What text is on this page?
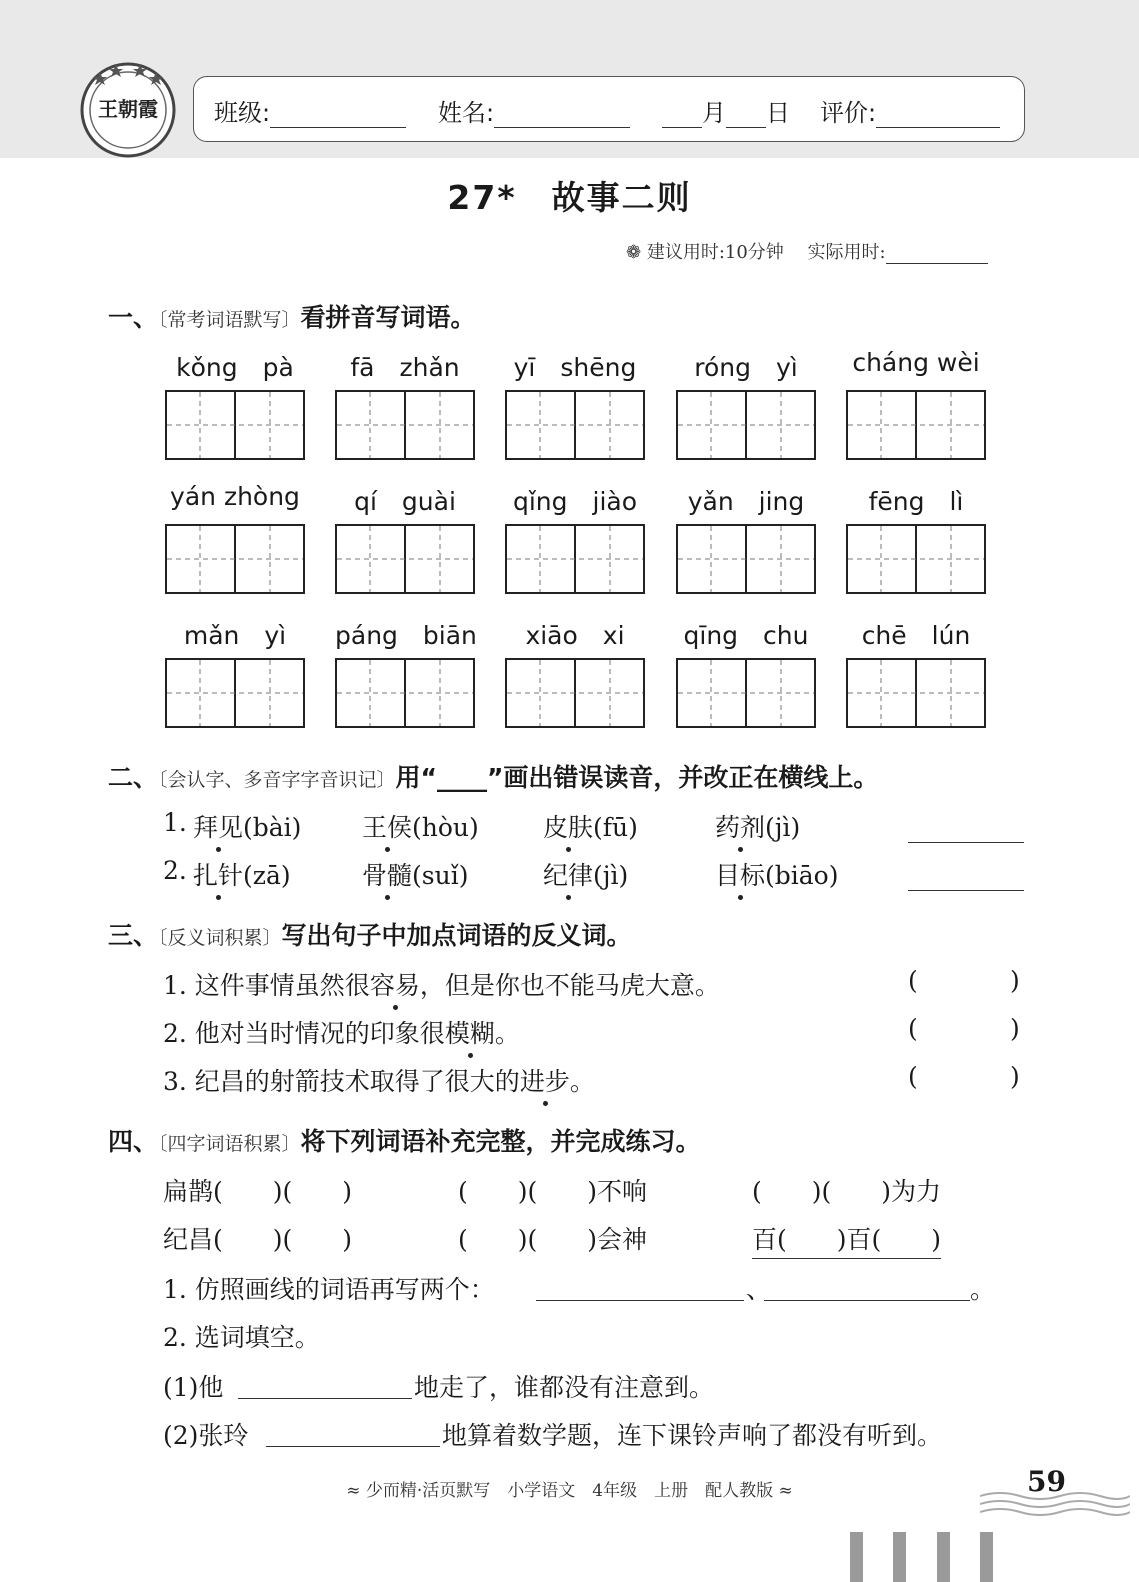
王朝霞 班级:	姓名:	月 日 评价:
27*　故事二则
❁ 建议用时:10分钟　 实际用时:
一、〔常考词语默写〕看拼音写词语。
kǒng　pà	fā　zhǎn	yī　shēng	róng　yì	cháng wèi
yán zhòng	qí　guài	qǐng　jiào	yǎn　jing	fēng　lì
mǎn　yì	páng　biān	xiāo　xi	qīng　chu	chē　lún
二、〔会认字、多音字字音识记〕用“____”画出错误读音，并改正在横线上。
1. 拜见(bài) 王侯(hòu)	皮肤(fū)	药剂(jì)
2. 扎针(zā)	骨髓(suǐ)	纪律(jì)	目标(biāo)
三、〔反义词积累〕写出句子中加点词语的反义词。
1. 这件事情虽然很容易，但是你也不能马虎大意。	(	)
2. 他对当时情况的印象很模糊。	(	)
3. 纪昌的射箭技术取得了很大的进步。	(	)
四、〔四字词语积累〕将下列词语补充完整，并完成练习。
扁鹊(　　)(　　)	(　　)(　　)不响	(　　)(　　)为力
纪昌(　　)(　　)	(　　)(　　)会神	百(　　)百(　　)
1. 仿照画线的词语再写两个：	、	。
2. 选词填空。
(1)他	地走了，谁都没有注意到。
(2)张玲	地算着数学题，连下课铃声响了都没有听到。
≈ 少而精·活页默写　小学语文　4年级　上册　配人教版 ≈	59
